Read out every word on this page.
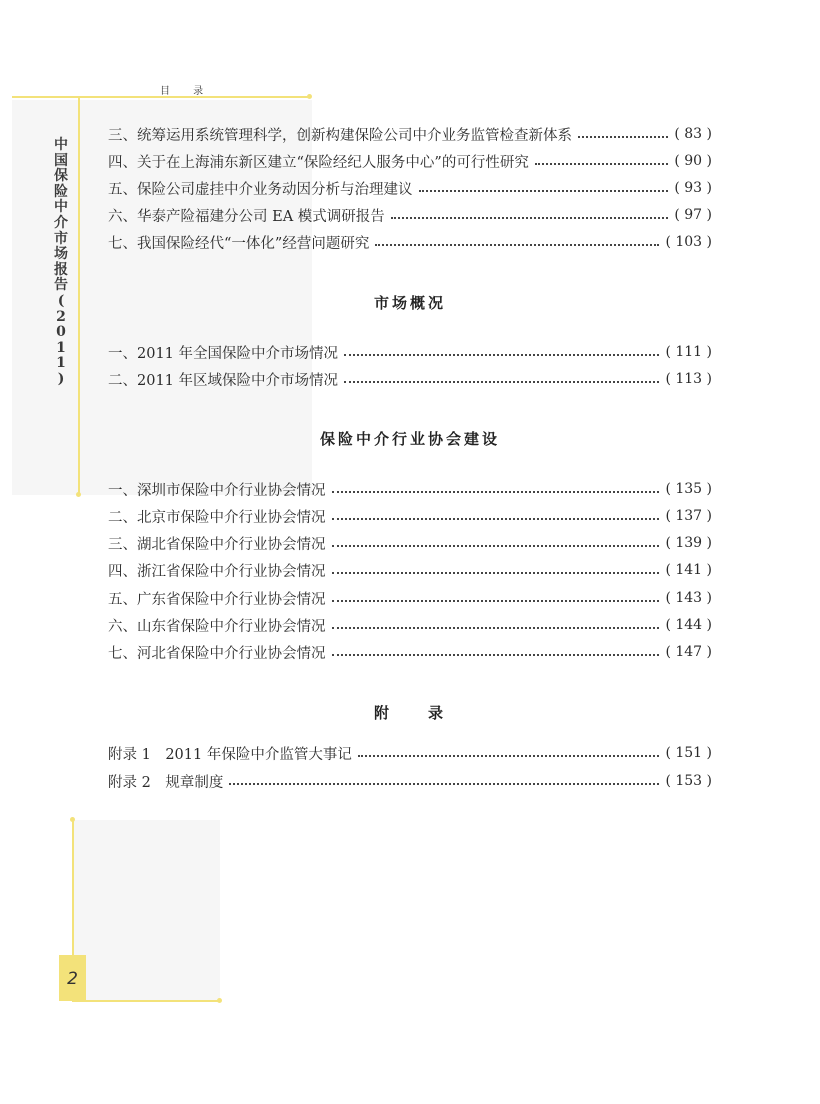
目 录
中
国
保
险
中
介
市
场
报
告
(
2
0
1
1
)
2
三、统筹运用系统管理科学，创新构建保险公司中介业务监管检查新体系	( 83 )
四、关于在上海浦东新区建立“保险经纪人服务中心”的可行性研究	( 90 )
五、保险公司虚挂中介业务动因分析与治理建议	( 93 )
六、华泰产险福建分公司 EA 模式调研报告	( 97 )
七、我国保险经代“一体化”经营问题研究	( 103 )
市场概况
一、2011 年全国保险中介市场情况	( 111 )
二、2011 年区域保险中介市场情况	( 113 )
保险中介行业协会建设
一、深圳市保险中介行业协会情况	( 135 )
二、北京市保险中介行业协会情况	( 137 )
三、湖北省保险中介行业协会情况	( 139 )
四、浙江省保险中介行业协会情况	( 141 )
五、广东省保险中介行业协会情况	( 143 )
六、山东省保险中介行业协会情况	( 144 )
七、河北省保险中介行业协会情况	( 147 )
附　　录
附录 1　2011 年保险中介监管大事记	( 151 )
附录 2　规章制度	( 153 )
